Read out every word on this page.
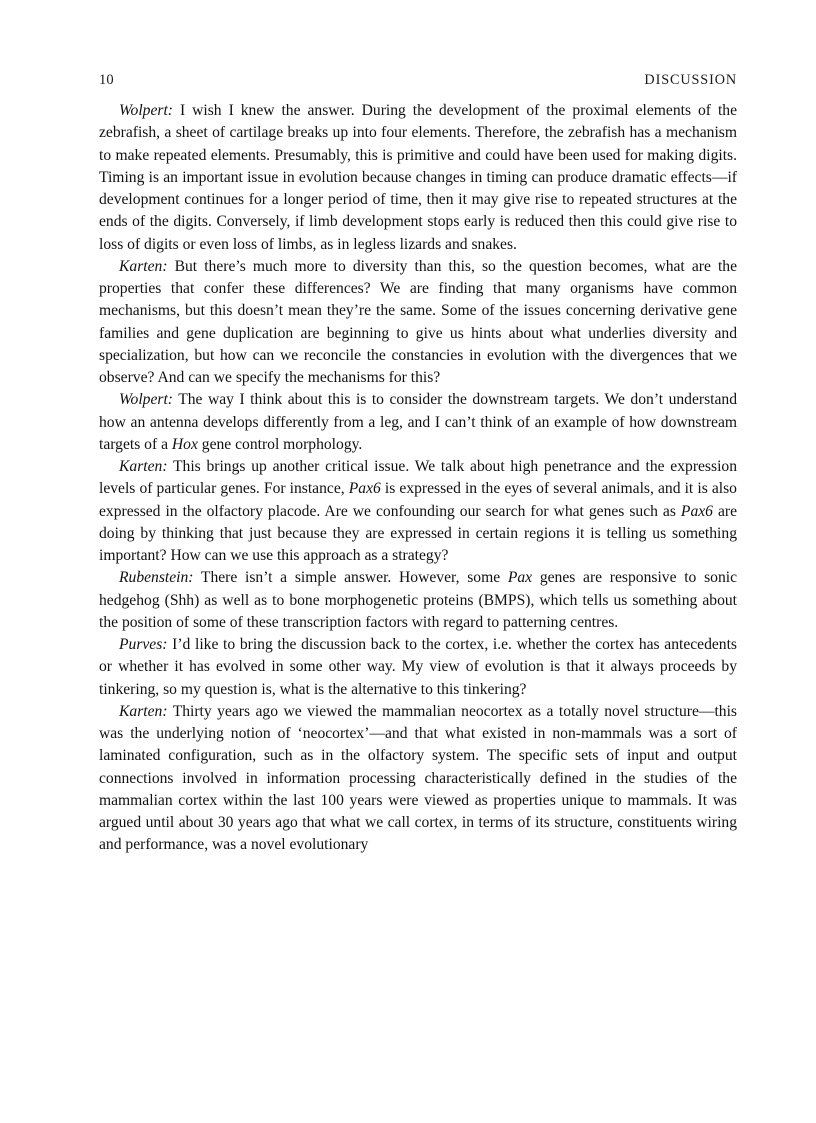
10	DISCUSSION

Wolpert: I wish I knew the answer. During the development of the proximal elements of the zebrafish, a sheet of cartilage breaks up into four elements. Therefore, the zebrafish has a mechanism to make repeated elements. Presumably, this is primitive and could have been used for making digits. Timing is an important issue in evolution because changes in timing can produce dramatic effects—if development continues for a longer period of time, then it may give rise to repeated structures at the ends of the digits. Conversely, if limb development stops early is reduced then this could give rise to loss of digits or even loss of limbs, as in legless lizards and snakes.

Karten: But there’s much more to diversity than this, so the question becomes, what are the properties that confer these differences? We are finding that many organisms have common mechanisms, but this doesn’t mean they’re the same. Some of the issues concerning derivative gene families and gene duplication are beginning to give us hints about what underlies diversity and specialization, but how can we reconcile the constancies in evolution with the divergences that we observe? And can we specify the mechanisms for this?

Wolpert: The way I think about this is to consider the downstream targets. We don’t understand how an antenna develops differently from a leg, and I can’t think of an example of how downstream targets of a Hox gene control morphology.

Karten: This brings up another critical issue. We talk about high penetrance and the expression levels of particular genes. For instance, Pax6 is expressed in the eyes of several animals, and it is also expressed in the olfactory placode. Are we confounding our search for what genes such as Pax6 are doing by thinking that just because they are expressed in certain regions it is telling us something important? How can we use this approach as a strategy?

Rubenstein: There isn’t a simple answer. However, some Pax genes are responsive to sonic hedgehog (Shh) as well as to bone morphogenetic proteins (BMPS), which tells us something about the position of some of these transcription factors with regard to patterning centres.

Purves: I’d like to bring the discussion back to the cortex, i.e. whether the cortex has antecedents or whether it has evolved in some other way. My view of evolution is that it always proceeds by tinkering, so my question is, what is the alternative to this tinkering?

Karten: Thirty years ago we viewed the mammalian neocortex as a totally novel structure—this was the underlying notion of ‘neocortex’—and that what existed in non-mammals was a sort of laminated configuration, such as in the olfactory system. The specific sets of input and output connections involved in information processing characteristically defined in the studies of the mammalian cortex within the last 100 years were viewed as properties unique to mammals. It was argued until about 30 years ago that what we call cortex, in terms of its structure, constituents wiring and performance, was a novel evolutionary
